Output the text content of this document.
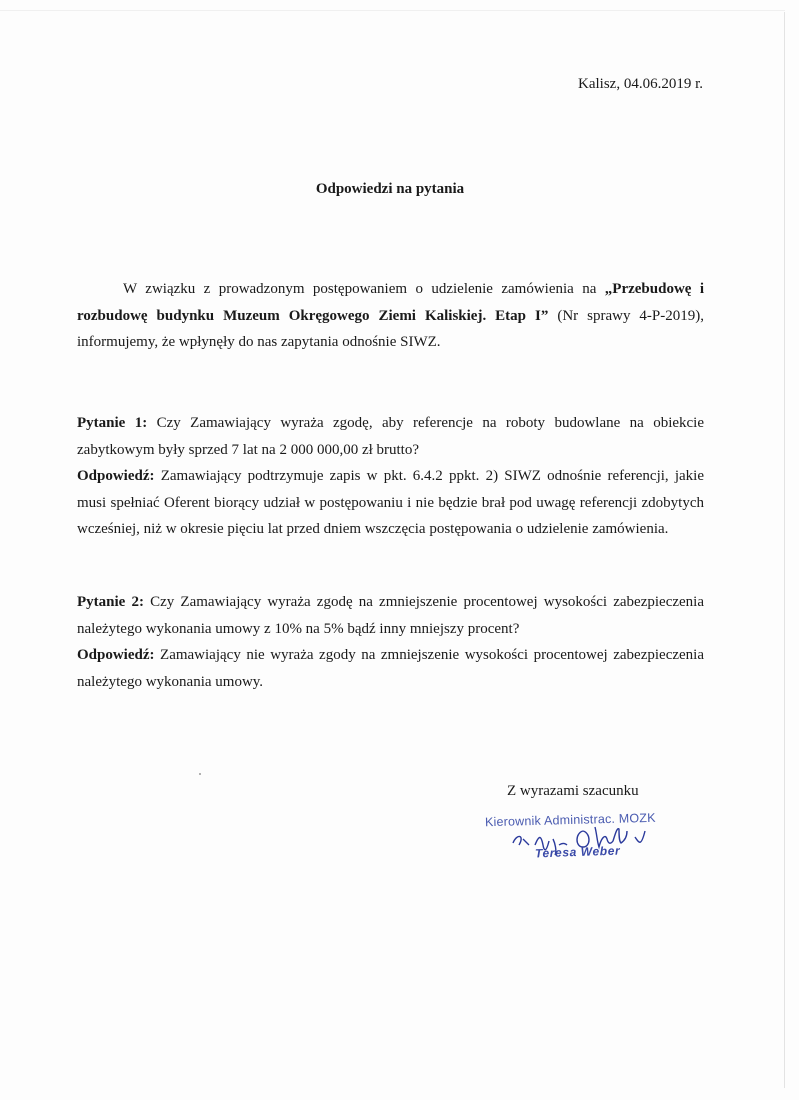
Kalisz, 04.06.2019 r.

Odpowiedzi na pytania

W związku z prowadzonym postępowaniem o udzielenie zamówienia na „Przebudowę i rozbudowę budynku Muzeum Okręgowego Ziemi Kaliskiej. Etap I” (Nr sprawy 4-P-2019), informujemy, że wpłynęły do nas zapytania odnośnie SIWZ.

Pytanie 1: Czy Zamawiający wyraża zgodę, aby referencje na roboty budowlane na obiekcie zabytkowym były sprzed 7 lat na 2 000 000,00 zł brutto?

Odpowiedź: Zamawiający podtrzymuje zapis w pkt. 6.4.2 ppkt. 2) SIWZ odnośnie referencji, jakie musi spełniać Oferent biorący udział w postępowaniu i nie będzie brał pod uwagę referencji zdobytych wcześniej, niż w okresie pięciu lat przed dniem wszczęcia postępowania o udzielenie zamówienia.

Pytanie 2: Czy Zamawiający wyraża zgodę na zmniejszenie procentowej wysokości zabezpieczenia należytego wykonania umowy z 10% na 5% bądź inny mniejszy procent?

Odpowiedź: Zamawiający nie wyraża zgody na zmniejszenie wysokości procentowej zabezpieczenia należytego wykonania umowy.

Z wyrazami szacunku

Kierownik Administrac. MOZK
Teresa Weber
